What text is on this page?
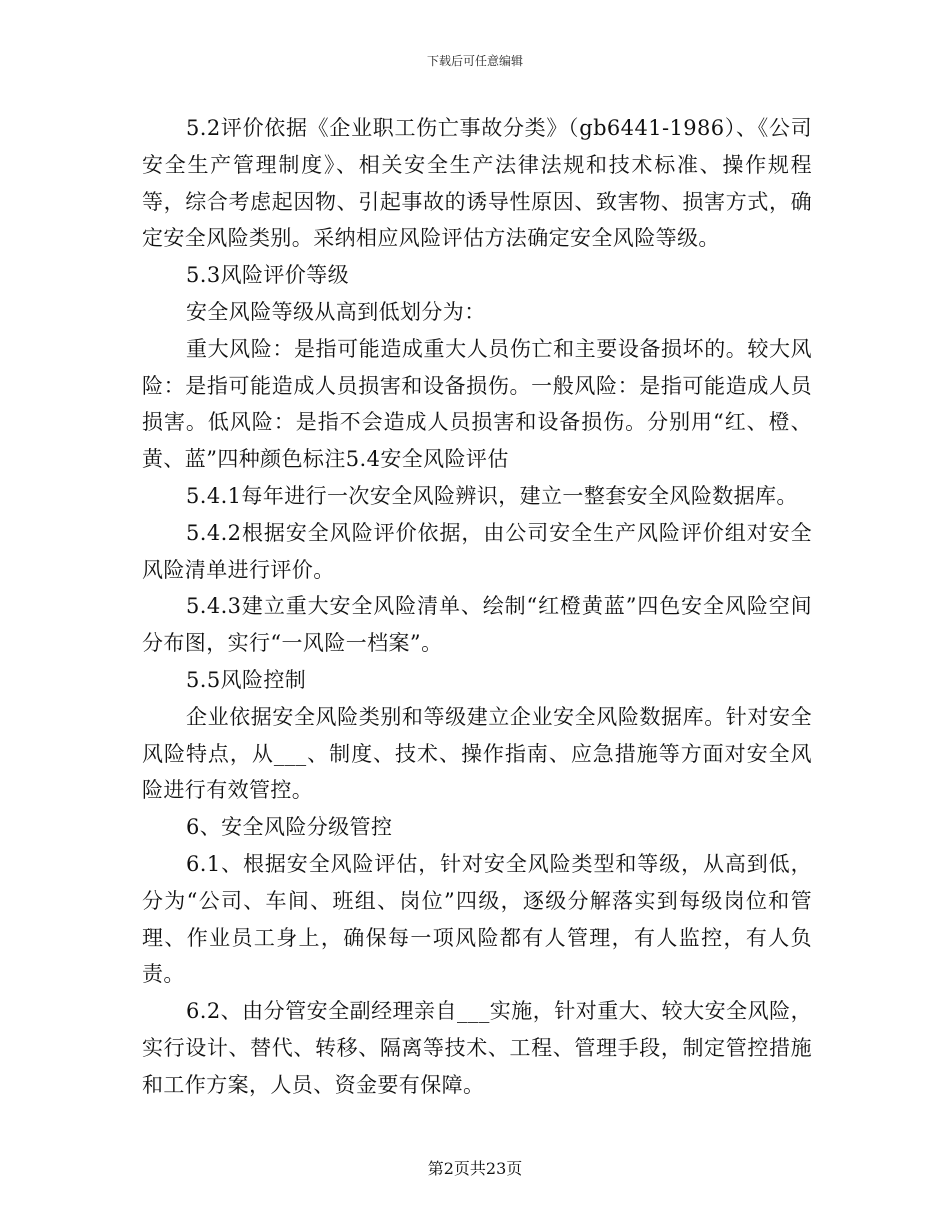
下载后可任意编辑

5.2评价依据《企业职工伤亡事故分类》（gb6441-1986）、《公司安全生产管理制度》、相关安全生产法律法规和技术标准、操作规程等，综合考虑起因物、引起事故的诱导性原因、致害物、损害方式，确定安全风险类别。采纳相应风险评估方法确定安全风险等级。

5.3风险评价等级

安全风险等级从高到低划分为：

重大风险：是指可能造成重大人员伤亡和主要设备损坏的。较大风险：是指可能造成人员损害和设备损伤。一般风险：是指可能造成人员损害。低风险：是指不会造成人员损害和设备损伤。分别用“红、橙、黄、蓝”四种颜色标注5.4安全风险评估

5.4.1每年进行一次安全风险辨识，建立一整套安全风险数据库。

5.4.2根据安全风险评价依据，由公司安全生产风险评价组对安全风险清单进行评价。

5.4.3建立重大安全风险清单、绘制“红橙黄蓝”四色安全风险空间分布图，实行“一风险一档案”。

5.5风险控制

企业依据安全风险类别和等级建立企业安全风险数据库。针对安全风险特点，从___、制度、技术、操作指南、应急措施等方面对安全风险进行有效管控。

6、安全风险分级管控

6.1、根据安全风险评估，针对安全风险类型和等级，从高到低，分为“公司、车间、班组、岗位”四级，逐级分解落实到每级岗位和管理、作业员工身上，确保每一项风险都有人管理，有人监控，有人负责。

6.2、由分管安全副经理亲自___实施，针对重大、较大安全风险，实行设计、替代、转移、隔离等技术、工程、管理手段，制定管控措施和工作方案，人员、资金要有保障。

第2页共23页
